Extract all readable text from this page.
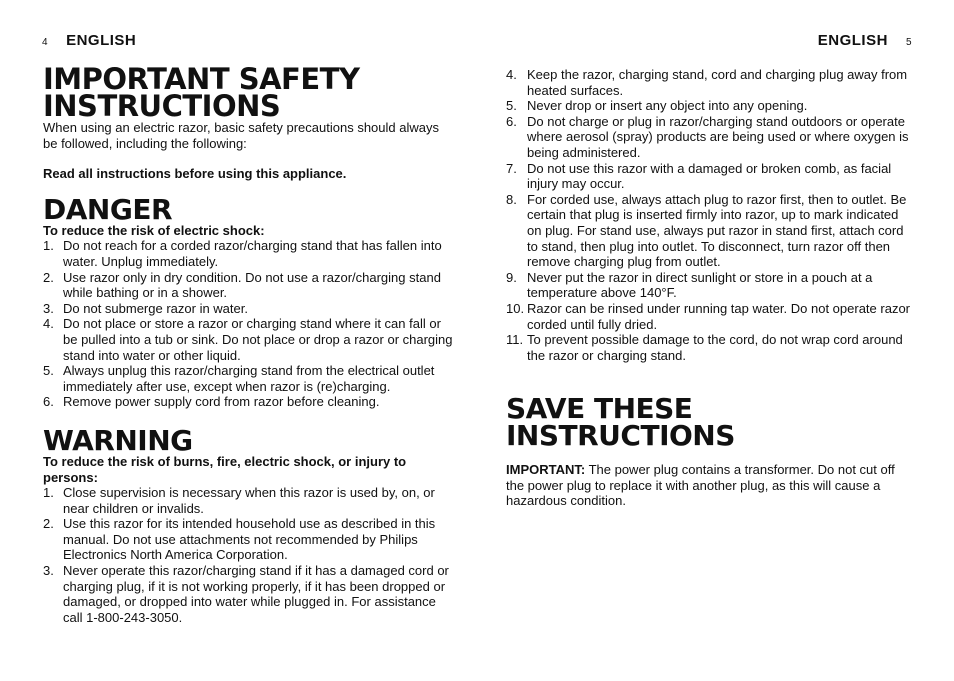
4 ENGLISH
IMPORTANT SAFETY INSTRUCTIONS

When using an electric razor, basic safety precautions should always be followed, including the following:

Read all instructions before using this appliance.

DANGER

To reduce the risk of electric shock:

1. Do not reach for a corded razor/charging stand that has fallen into water. Unplug immediately.
2. Use razor only in dry condition. Do not use a razor/charging stand while bathing or in a shower.
3. Do not submerge razor in water.
4. Do not place or store a razor or charging stand where it can fall or be pulled into a tub or sink. Do not place or drop a razor or charging stand into water or other liquid.
5. Always unplug this razor/charging stand from the electrical outlet immediately after use, except when razor is (re)charging.
6. Remove power supply cord from razor before cleaning.
WARNING

To reduce the risk of burns, fire, electric shock, or injury to persons:

1. Close supervision is necessary when this razor is used by, on, or near children or invalids.
2. Use this razor for its intended household use as described in this manual. Do not use attachments not recommended by Philips Electronics North America Corporation.
3. Never operate this razor/charging stand if it has a damaged cord or charging plug, if it is not working properly, if it has been dropped or damaged, or dropped into water while plugged in. For assistance call 1-800-243-3050.
ENGLISH 5
4. Keep the razor, charging stand, cord and charging plug away from heated surfaces.
5. Never drop or insert any object into any opening.
6. Do not charge or plug in razor/charging stand outdoors or operate where aerosol (spray) products are being used or where oxygen is being administered.
7. Do not use this razor with a damaged or broken comb, as facial injury may occur.
8. For corded use, always attach plug to razor first, then to outlet. Be certain that plug is inserted firmly into razor, up to mark indicated on plug. For stand use, always put razor in stand first, attach cord to stand, then plug into outlet. To disconnect, turn razor off then remove charging plug from outlet.
9. Never put the razor in direct sunlight or store in a pouch at a temperature above 140°F.
10. Razor can be rinsed under running tap water. Do not operate razor corded until fully dried.
11. To prevent possible damage to the cord, do not wrap cord around the razor or charging stand.
SAVE THESE INSTRUCTIONS

IMPORTANT: The power plug contains a transformer. Do not cut off the power plug to replace it with another plug, as this will cause a hazardous condition.
